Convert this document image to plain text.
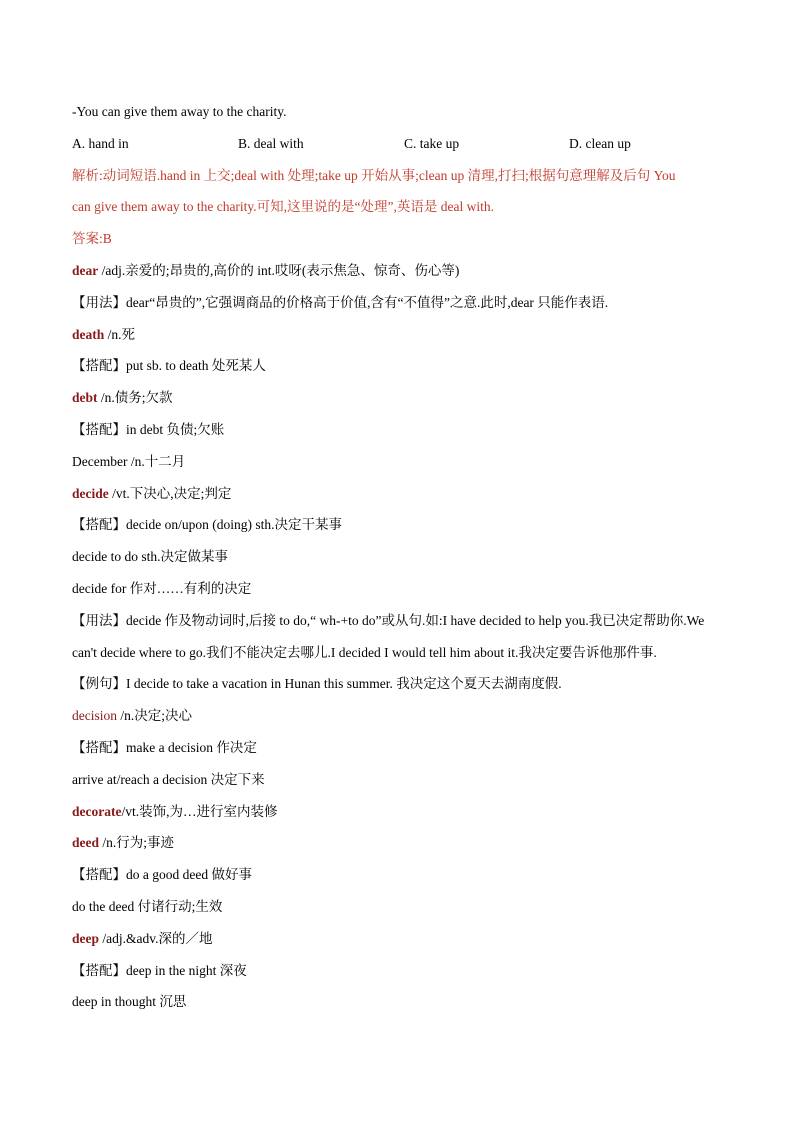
-You can give them away to the charity.
A. hand in	B. deal with	C. take up	D. clean up
解析:动词短语.hand in 上交;deal with 处理;take up 开始从事;clean up 清理,打扫;根据句意理解及后句 You
can give them away to the charity.可知,这里说的是“处理”,英语是 deal with.
答案:B
dear /adj.亲爱的;昂贵的,高价的 int.哎呀(表示焦急、惊奇、伤心等)
【用法】dear“昂贵的”,它强调商品的价格高于价值,含有“不值得”之意.此时,dear 只能作表语.
death /n.死
【搭配】put sb. to death 处死某人
debt /n.债务;欠款
【搭配】in debt 负债;欠账
December /n.十二月
decide /vt.下决心,决定;判定
【搭配】decide on/upon (doing) sth.决定干某事
decide to do sth.决定做某事
decide for 作对……有利的决定
【用法】decide 作及物动词时,后接 to do,“ wh-+to do”或从句.如:I have decided to help you.我已决定帮助你.We
can't decide where to go.我们不能决定去哪儿.I decided I would tell him about it.我决定要告诉他那件事.
【例句】I decide to take a vacation in Hunan this summer. 我决定这个夏天去湖南度假.
decision /n.决定;决心
【搭配】make a decision 作决定
arrive at/reach a decision 决定下来
decorate/vt.装饰,为…进行室内装修
deed /n.行为;事迹
【搭配】do a good deed 做好事
do the deed 付诸行动;生效
deep /adj.&adv.深的／地
【搭配】deep in the night 深夜
deep in thought 沉思
